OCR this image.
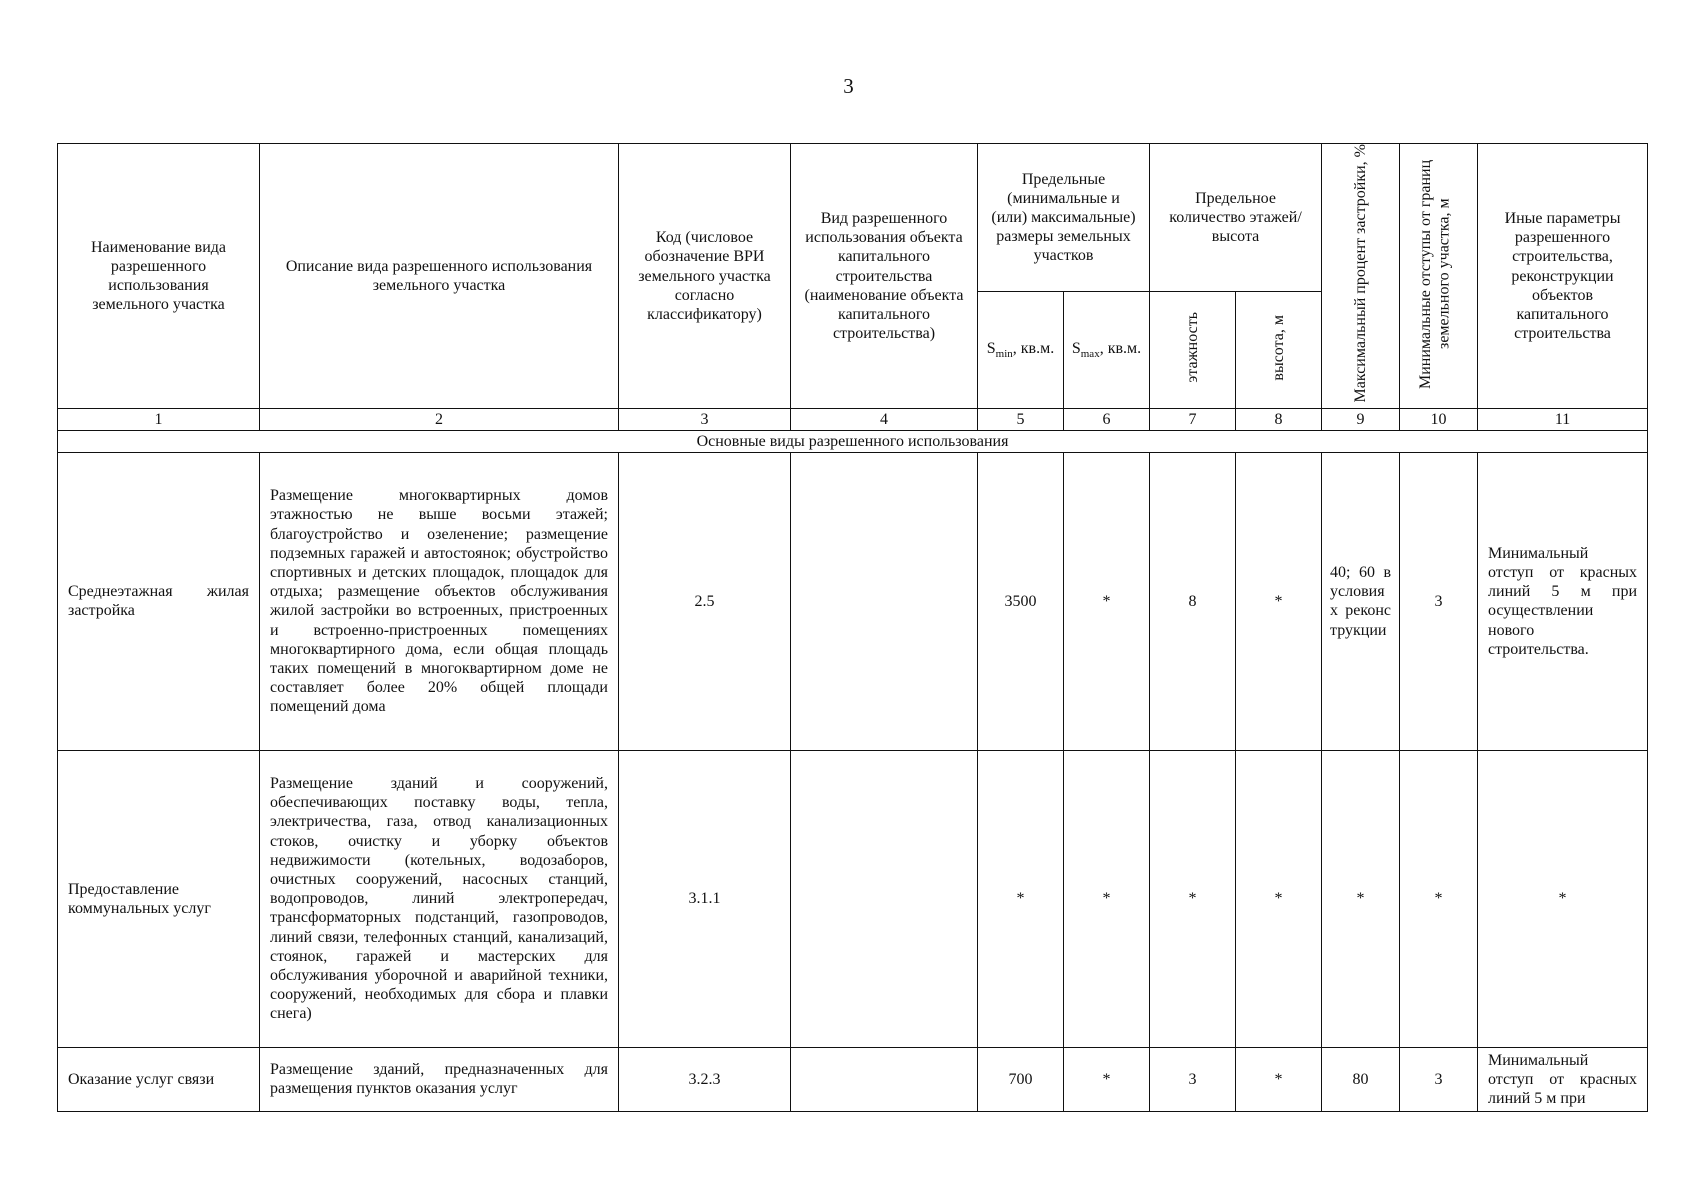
3
Наименование вида разрешенного использования земельного участка	Описание вида разрешенного использования земельного участка	Код (числовое обозначение ВРИ земельного участка согласно классификатору)	Вид разрешенного использования объекта капитального строительства (наименование объекта капитального строительства)	Предельные (минимальные и (или) максимальные) размеры земельных участков		Предельное количество этажей/высота		Максимальный процент застройки, %	Минимальные отступы от границ земельного участка, м	Иные параметры разрешенного строительства, реконструкции объектов капитального строительства
				$S_{min}$, кв.м.	$S_{max}$, кв.м.	этажность	высота, м			
1	2	3	4	5	6	7	8	9	10	11
Основные виды разрешенного использования										
Среднеэтажная жилая застройка	Размещение многоквартирных домов этажностью не выше восьми этажей; благоустройство и озеленение; размещение подземных гаражей и автостоянок; обустройство спортивных и детских площадок, площадок для отдыха; размещение объектов обслуживания жилой застройки во встроенных, пристроенных и встроенно-пристроенных помещениях многоквартирного дома, если общая площадь таких помещений в многоквартирном доме не составляет более 20% общей площади помещений дома	2.5		3500	*	8	*	40; 60 в условиях реконструкции	3	Минимальный отступ от красных линий 5 м при осуществлении нового строительства.
Предоставление коммунальных услуг	Размещение зданий и сооружений, обеспечивающих поставку воды, тепла, электричества, газа, отвод канализационных стоков, очистку и уборку объектов недвижимости (котельных, водозаборов, очистных сооружений, насосных станций, водопроводов, линий электропередач, трансформаторных подстанций, газопроводов, линий связи, телефонных станций, канализаций, стоянок, гаражей и мастерских для обслуживания уборочной и аварийной техники, сооружений, необходимых для сбора и плавки снега)	3.1.1		*	*	*	*	*	*	*
Оказание услуг связи	Размещение зданий, предназначенных для размещения пунктов оказания услуг	3.2.3		700	*	3	*	80	3	Минимальный отступ от красных линий 5 м при
